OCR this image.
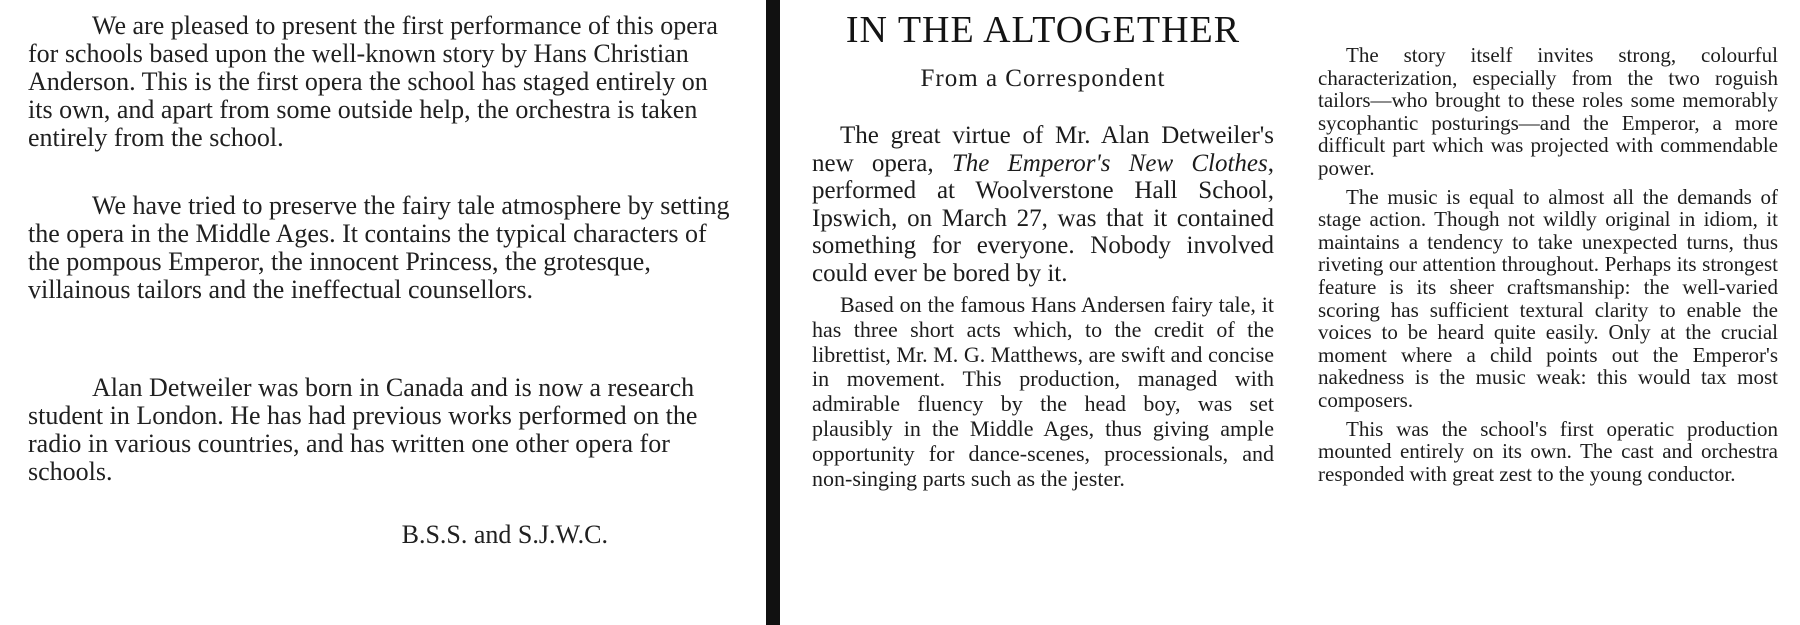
We are pleased to present the first performance of this opera for schools based upon the well-known story by Hans Christian Anderson. This is the first opera the school has staged entirely on its own, and apart from some outside help, the orchestra is taken entirely from the school.

We have tried to preserve the fairy tale atmosphere by setting the opera in the Middle Ages. It contains the typical characters of the pompous Emperor, the innocent Princess, the grotesque, villainous tailors and the ineffectual counsellors.

Alan Detweiler was born in Canada and is now a research student in London. He has had previous works performed on the radio in various countries, and has written one other opera for schools.

B.S.S. and S.J.W.C.

IN THE ALTOGETHER
From a Correspondent

The great virtue of Mr. Alan Detweiler's new opera, The Emperor's New Clothes, performed at Woolverstone Hall School, Ipswich, on March 27, was that it contained something for everyone. Nobody involved could ever be bored by it.

Based on the famous Hans Andersen fairy tale, it has three short acts which, to the credit of the librettist, Mr. M. G. Matthews, are swift and concise in movement. This production, managed with admirable fluency by the head boy, was set plausibly in the Middle Ages, thus giving ample opportunity for dance-scenes, processionals, and non-singing parts such as the jester.

The story itself invites strong, colourful characterization, especially from the two roguish tailors—who brought to these roles some memorably sycophantic posturings—and the Emperor, a more difficult part which was projected with commendable power.

The music is equal to almost all the demands of stage action. Though not wildly original in idiom, it maintains a tendency to take unexpected turns, thus riveting our attention throughout. Perhaps its strongest feature is its sheer craftsmanship: the well-varied scoring has sufficient textural clarity to enable the voices to be heard quite easily. Only at the crucial moment where a child points out the Emperor's nakedness is the music weak: this would tax most composers.

This was the school's first operatic production mounted entirely on its own. The cast and orchestra responded with great zest to the young conductor.
